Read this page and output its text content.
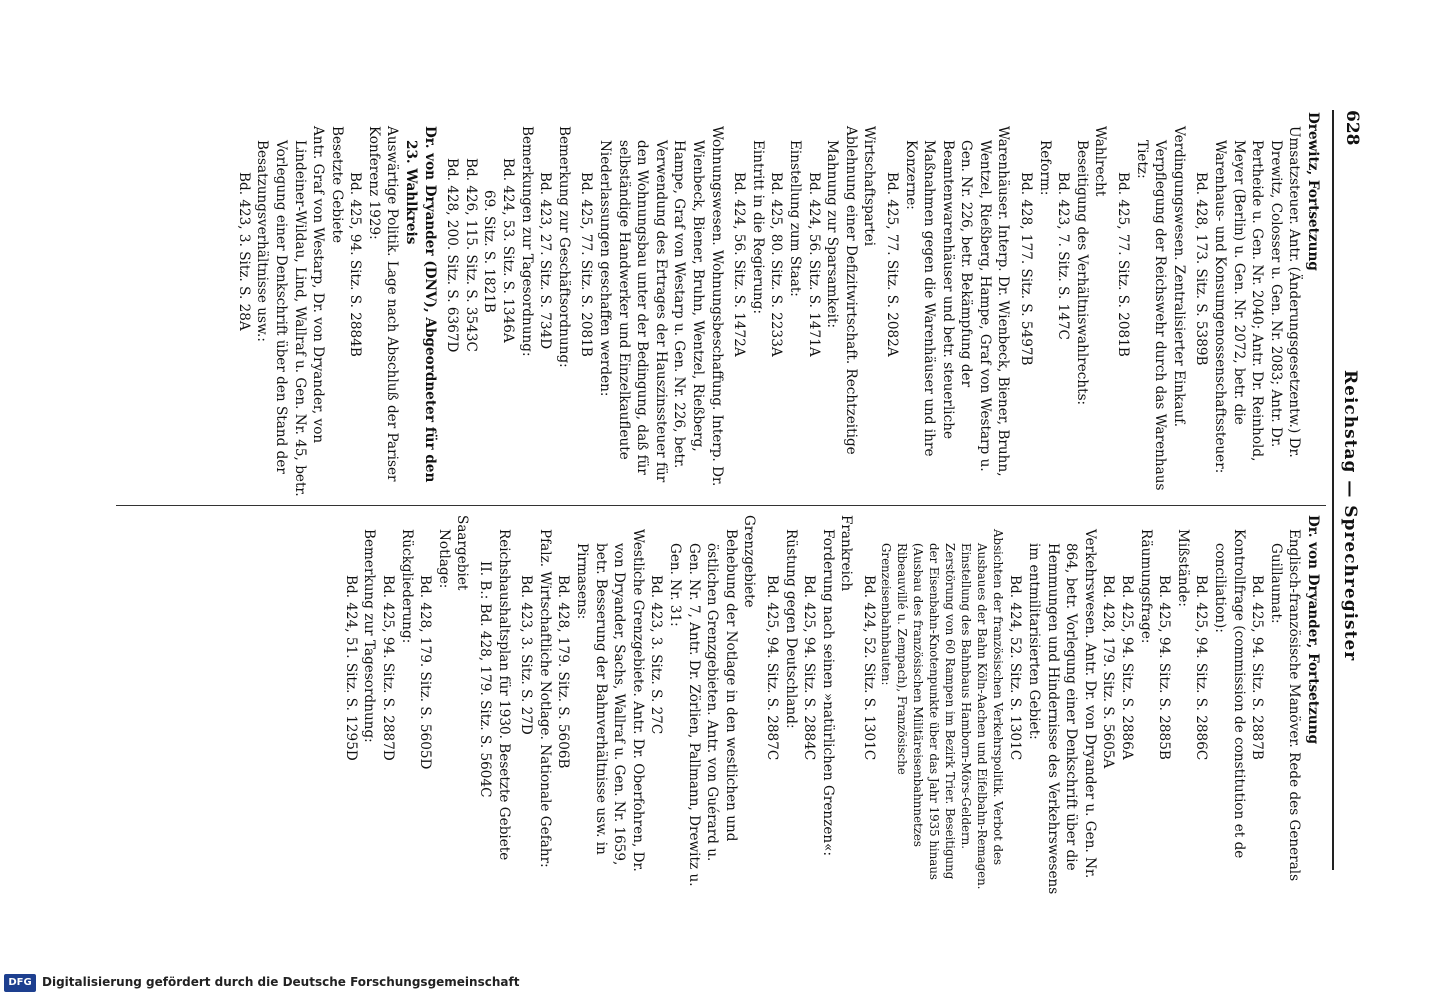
628
Reichstag — Sprechregister

Drewitz, Fortsetzung

Umsatzsteuer. Antr. (Änderungsgesetzentw.) Dr. Drewitz, Colosser u. Gen. Nr. 2083; Antr. Dr. Pertheide u. Gen. Nr. 2040; Antr. Dr. Reinhold, Meyer (Berlin) u. Gen. Nr. 2072, betr. die Warenhaus- und Konsumgenossenschaftssteuer:

Bd. 428, 173. Sitz. S. 5389B

Verdingungswesen. Zentralisierter Einkauf. Verpflegung der Reichswehr durch das Warenhaus Tietz:

Bd. 425, 77. Sitz. S. 2081B

Wahlrecht

Beseitigung des Verhältniswahlrechts:

Bd. 423, 7. Sitz. S. 147C

Reform:

Bd. 428, 177. Sitz. S. 5497B

Warenhäuser. Interp. Dr. Wienbeck, Biener, Bruhn, Wentzel, Rießberg, Hampe, Graf von Westarp u. Gen. Nr. 226, betr. Bekämpfung der Beamtenwarenhäuser und betr. steuerliche Maßnahmen gegen die Warenhäuser und ihre Konzerne:

Bd. 425, 77. Sitz. S. 2082A

Wirtschaftspartei

Ablehnung einer Defizitwirtschaft. Rechtzeitige Mahnung zur Sparsamkeit:

Bd. 424, 56. Sitz. S. 1471A

Einstellung zum Staat:

Bd. 425, 80. Sitz. S. 2233A

Eintritt in die Regierung:

Bd. 424, 56. Sitz. S. 1472A

Wohnungswesen. Wohnungsbeschaffung. Interp. Dr. Wienbeck, Biener, Bruhn, Wentzel, Rießberg, Hampe, Graf von Westarp u. Gen. Nr. 226, betr. Verwendung des Ertrages der Hauszinssteuer für den Wohnungsbau unter der Bedingung, daß für selbständige Handwerker und Einzelkaufleute Niederlassungen geschaffen werden:

Bd. 425, 77. Sitz. S. 2081B

Bemerkung zur Geschäftsordnung:

Bd. 423, 27. Sitz. S. 734D

Bemerkungen zur Tagesordnung:

Bd. 424, 53. Sitz. S. 1346A

69. Sitz. S. 1821B

Bd. 426, 115. Sitz. S. 3543C

Bd. 428, 200. Sitz. S. 6367D

Dr. von Dryander (DNV), Abgeordneter für den 23. Wahlkreis

Auswärtige Politik. Lage nach Abschluß der Pariser Konferenz 1929:

Bd. 425, 94. Sitz. S. 2884B

Besetzte Gebiete

Antr. Graf von Westarp, Dr. von Dryander, von Lindeiner-Wildau, Lind, Wallraf u. Gen. Nr. 45, betr. Vorlegung einer Denkschrift über den Stand der Besatzungsverhältnisse usw.:

Bd. 423, 3. Sitz. S. 28A

Dr. von Dryander, Fortsetzung

Englisch-französische Manöver. Rede des Generals Guillaumat:

Bd. 425, 94. Sitz. S. 2887B

Kontrollfrage (commission de constitution et de conciliation):

Bd. 425, 94. Sitz. S. 2886C

Mißstände:

Bd. 425, 94. Sitz. S. 2885B

Räumungsfrage:

Bd. 425, 94. Sitz. S. 2886A

Bd. 428, 179. Sitz. S. 5605A

Verkehrswesen. Antr. Dr. von Dryander u. Gen. Nr. 864, betr. Vorlegung einer Denkschrift über die Hemmungen und Hindernisse des Verkehrswesens im entmilitarisierten Gebiet:

Bd. 424, 52. Sitz. S. 1301C

Absichten der französischen Verkehrspolitik. Verbot des Ausbaues der Bahn Köln-Aachen und Eifelbahn-Remagen. Einstellung des Bahnbaus Hamborn-Mörs-Geldern. Zerstörung von 60 Rampen im Bezirk Trier. Beseitigung der Eisenbahn-Knotenpunkte über das Jahr 1935 hinaus (Ausbau des französischen Militäreisenbahnnetzes Ribeauvillé u. Zempach), Französische Grenzeisenbahnbauten:

Bd. 424, 52. Sitz. S. 1301C

Frankreich

Forderung nach seinen »natürlichen Grenzen«:

Bd. 425, 94. Sitz. S. 2884C

Rüstung gegen Deutschland:

Bd. 425, 94. Sitz. S. 2887C

Grenzgebiete

Behebung der Notlage in den westlichen und östlichen Grenzgebieten. Antr. von Guérard u. Gen. Nr. 7, Antr. Dr. Zörlien, Pallmann, Drewitz u. Gen. Nr. 31:

Bd. 423, 3. Sitz. S. 27C

Westliche Grenzgebiete. Antr. Dr. Oberfohren, Dr. von Dryander, Sachs, Wallraf u. Gen. Nr. 1659, betr. Besserung der Bahnverhältnisse usw. in Pirmasens:

Bd. 428, 179. Sitz. S. 5606B

Pfalz. Wirtschaftliche Notlage. Nationale Gefahr:

Bd. 423, 3. Sitz. S. 27D

Reichshaushaltsplan für 1930. Besetzte Gebiete

II. B.: Bd. 428, 179. Sitz. S. 5604C

Saargebiet

Notlage:

Bd. 428, 179. Sitz. S. 5605D

Rückgliederung:

Bd. 425, 94. Sitz. S. 2887D

Bemerkung zur Tagesordnung:

Bd. 424, 51. Sitz. S. 1295D

DFG Digitalisierung gefördert durch die Deutsche Forschungsgemeinschaft
